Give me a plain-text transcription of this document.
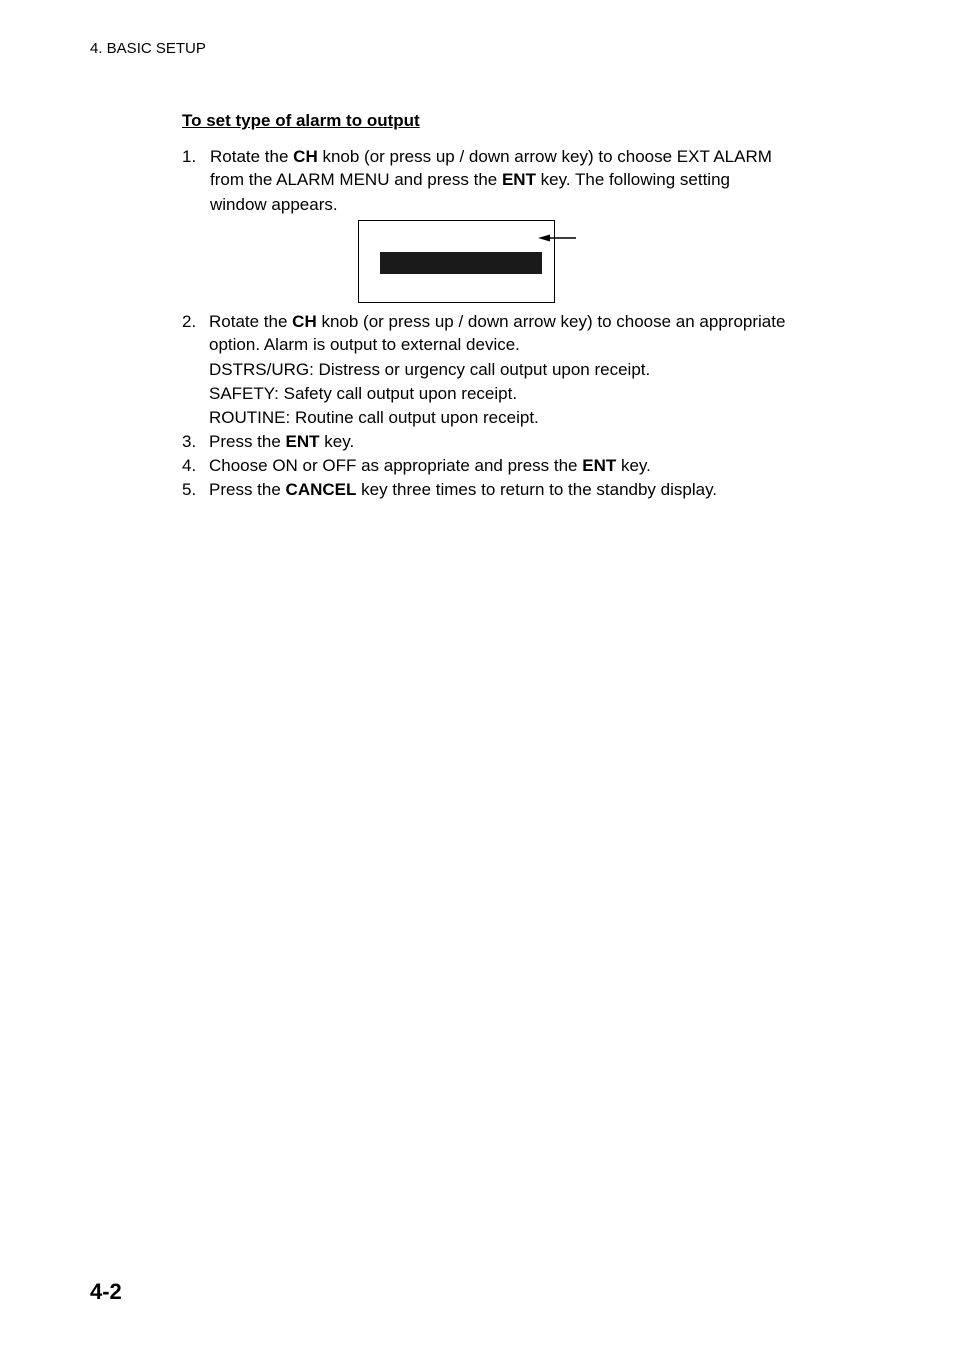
4. BASIC SETUP
To set type of alarm to output
1. Rotate the CH knob (or press up / down arrow key) to choose EXT ALARM
from the ALARM MENU and press the ENT key. The following setting
window appears.
2. Rotate the CH knob (or press up / down arrow key) to choose an appropriate
option. Alarm is output to external device.
DSTRS/URG: Distress or urgency call output upon receipt.
SAFETY: Safety call output upon receipt.
ROUTINE: Routine call output upon receipt.
3. Press the ENT key.
4. Choose ON or OFF as appropriate and press the ENT key.
5. Press the CANCEL key three times to return to the standby display.
4-2
